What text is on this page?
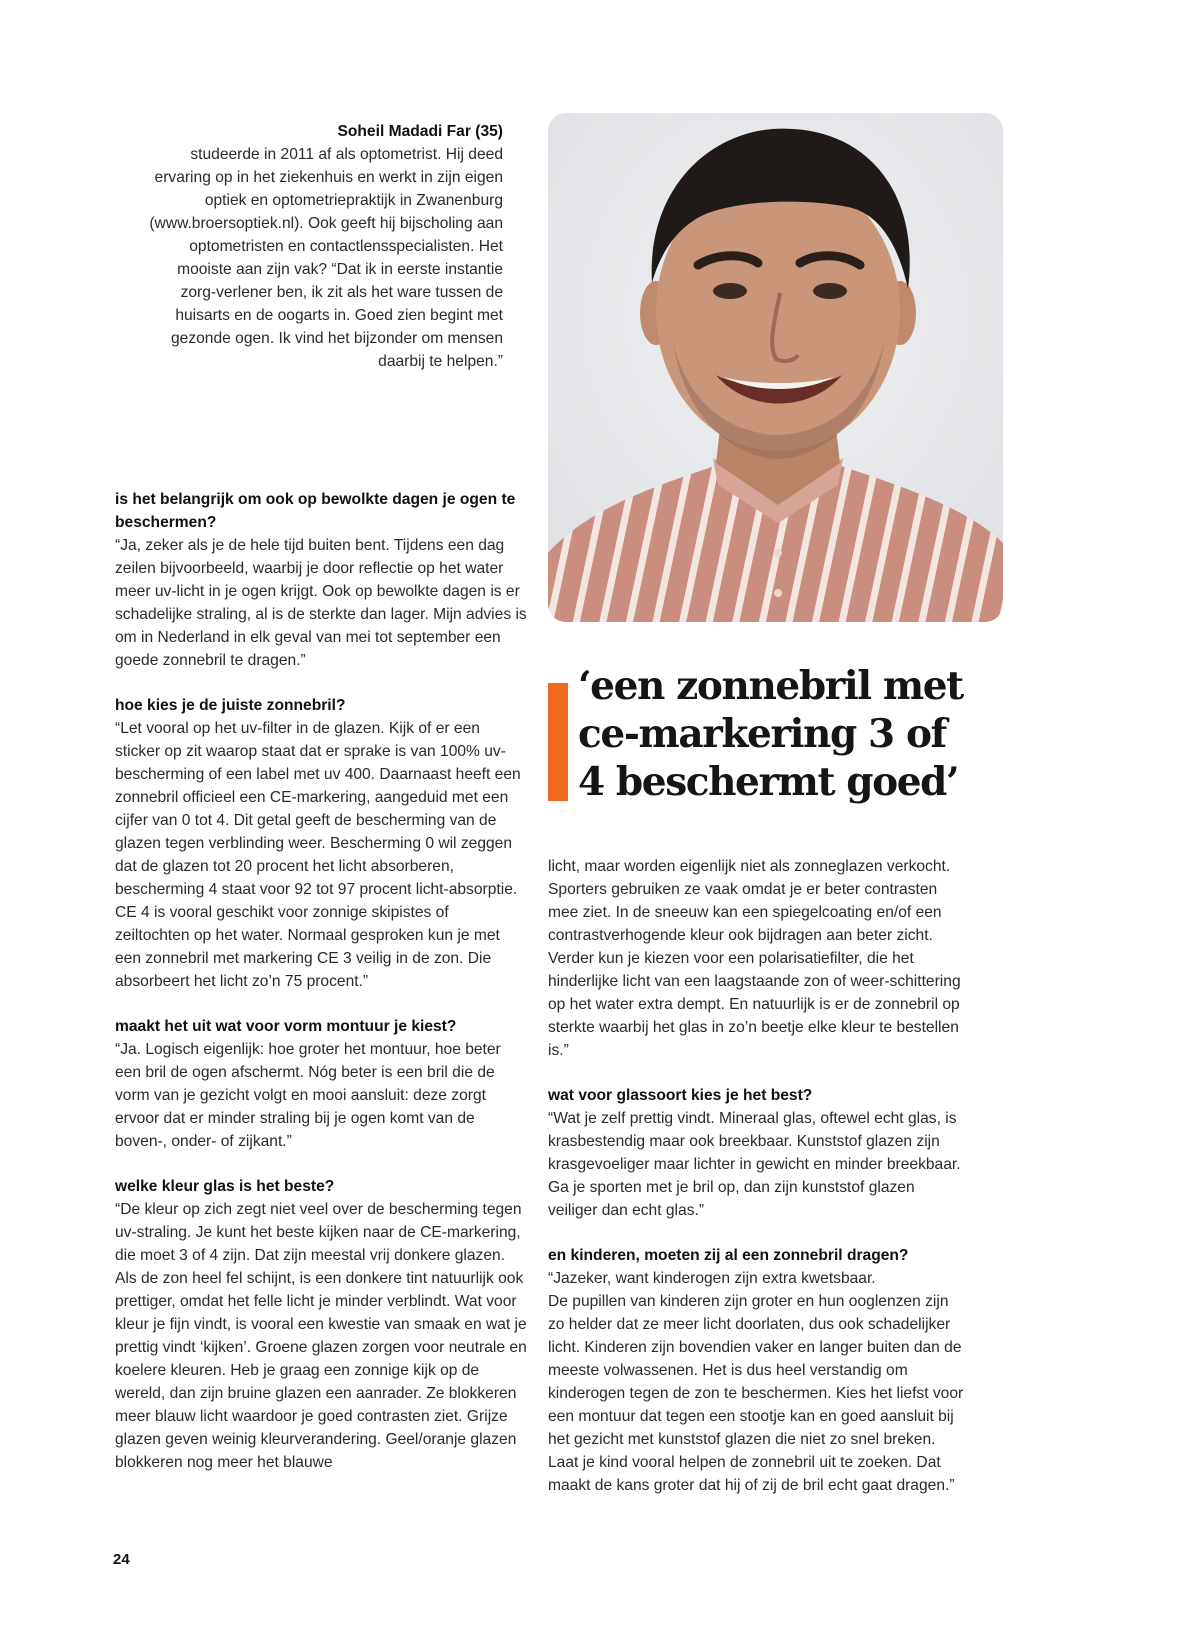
Soheil Madadi Far (35)

studeerde in 2011 af als optometrist. Hij deed ervaring op in het ziekenhuis en werkt in zijn eigen optiek en optometriepraktijk in Zwanenburg (www.broersoptiek.nl). Ook geeft hij bijscholing aan optometristen en contactlensspecialisten. Het mooiste aan zijn vak? “Dat ik in eerste instantie zorg-verlener ben, ik zit als het ware tussen de huisarts en de oogarts in. Goed zien begint met gezonde ogen. Ik vind het bijzonder om mensen daarbij te helpen.”

‘een zonnebril met
ce-markering 3 of
4 beschermt goed’

is het belangrijk om ook op bewolkte dagen je ogen te beschermen?

“Ja, zeker als je de hele tijd buiten bent. Tijdens een dag zeilen bijvoorbeeld, waarbij je door reflectie op het water meer uv-licht in je ogen krijgt. Ook op bewolkte dagen is er schadelijke straling, al is de sterkte dan lager. Mijn advies is om in Nederland in elk geval van mei tot september een goede zonnebril te dragen.”

hoe kies je de juiste zonnebril?

“Let vooral op het uv-filter in de glazen. Kijk of er een sticker op zit waarop staat dat er sprake is van 100% uv-bescherming of een label met uv 400. Daarnaast heeft een zonnebril officieel een CE-markering, aangeduid met een cijfer van 0 tot 4. Dit getal geeft de bescherming van de glazen tegen verblinding weer. Bescherming 0 wil zeggen dat de glazen tot 20 procent het licht absorberen, bescherming 4 staat voor 92 tot 97 procent licht-absorptie. CE 4 is vooral geschikt voor zonnige skipistes of zeiltochten op het water. Normaal gesproken kun je met een zonnebril met markering CE 3 veilig in de zon. Die absorbeert het licht zo’n 75 procent.”

maakt het uit wat voor vorm montuur je kiest?

“Ja. Logisch eigenlijk: hoe groter het montuur, hoe beter een bril de ogen afschermt. Nóg beter is een bril die de vorm van je gezicht volgt en mooi aansluit: deze zorgt ervoor dat er minder straling bij je ogen komt van de boven-, onder- of zijkant.”

welke kleur glas is het beste?

“De kleur op zich zegt niet veel over de bescherming tegen uv-straling. Je kunt het beste kijken naar de CE-markering, die moet 3 of 4 zijn. Dat zijn meestal vrij donkere glazen. Als de zon heel fel schijnt, is een donkere tint natuurlijk ook prettiger, omdat het felle licht je minder verblindt. Wat voor kleur je fijn vindt, is vooral een kwestie van smaak en wat je prettig vindt ‘kijken’. Groene glazen zorgen voor neutrale en koelere kleuren. Heb je graag een zonnige kijk op de wereld, dan zijn bruine glazen een aanrader. Ze blokkeren meer blauw licht waardoor je goed contrasten ziet. Grijze glazen geven weinig kleurverandering. Geel/oranje glazen blokkeren nog meer het blauwe

licht, maar worden eigenlijk niet als zonneglazen verkocht. Sporters gebruiken ze vaak omdat je er beter contrasten mee ziet. In de sneeuw kan een spiegelcoating en/of een contrastverhogende kleur ook bijdragen aan beter zicht. Verder kun je kiezen voor een polarisatiefilter, die het hinderlijke licht van een laagstaande zon of weer-schittering op het water extra dempt. En natuurlijk is er de zonnebril op sterkte waarbij het glas in zo’n beetje elke kleur te bestellen is.”

wat voor glassoort kies je het best?

“Wat je zelf prettig vindt. Mineraal glas, oftewel echt glas, is krasbestendig maar ook breekbaar. Kunststof glazen zijn krasgevoeliger maar lichter in gewicht en minder breekbaar. Ga je sporten met je bril op, dan zijn kunststof glazen veiliger dan echt glas.”

en kinderen, moeten zij al een zonnebril dragen?

“Jazeker, want kinderogen zijn extra kwetsbaar.
De pupillen van kinderen zijn groter en hun ooglenzen zijn zo helder dat ze meer licht doorlaten, dus ook schadelijker licht. Kinderen zijn bovendien vaker en langer buiten dan de meeste volwassenen. Het is dus heel verstandig om kinderogen tegen de zon te beschermen. Kies het liefst voor een montuur dat tegen een stootje kan en goed aansluit bij het gezicht met kunststof glazen die niet zo snel breken. Laat je kind vooral helpen de zonnebril uit te zoeken. Dat maakt de kans groter dat hij of zij de bril echt gaat dragen.”

24
